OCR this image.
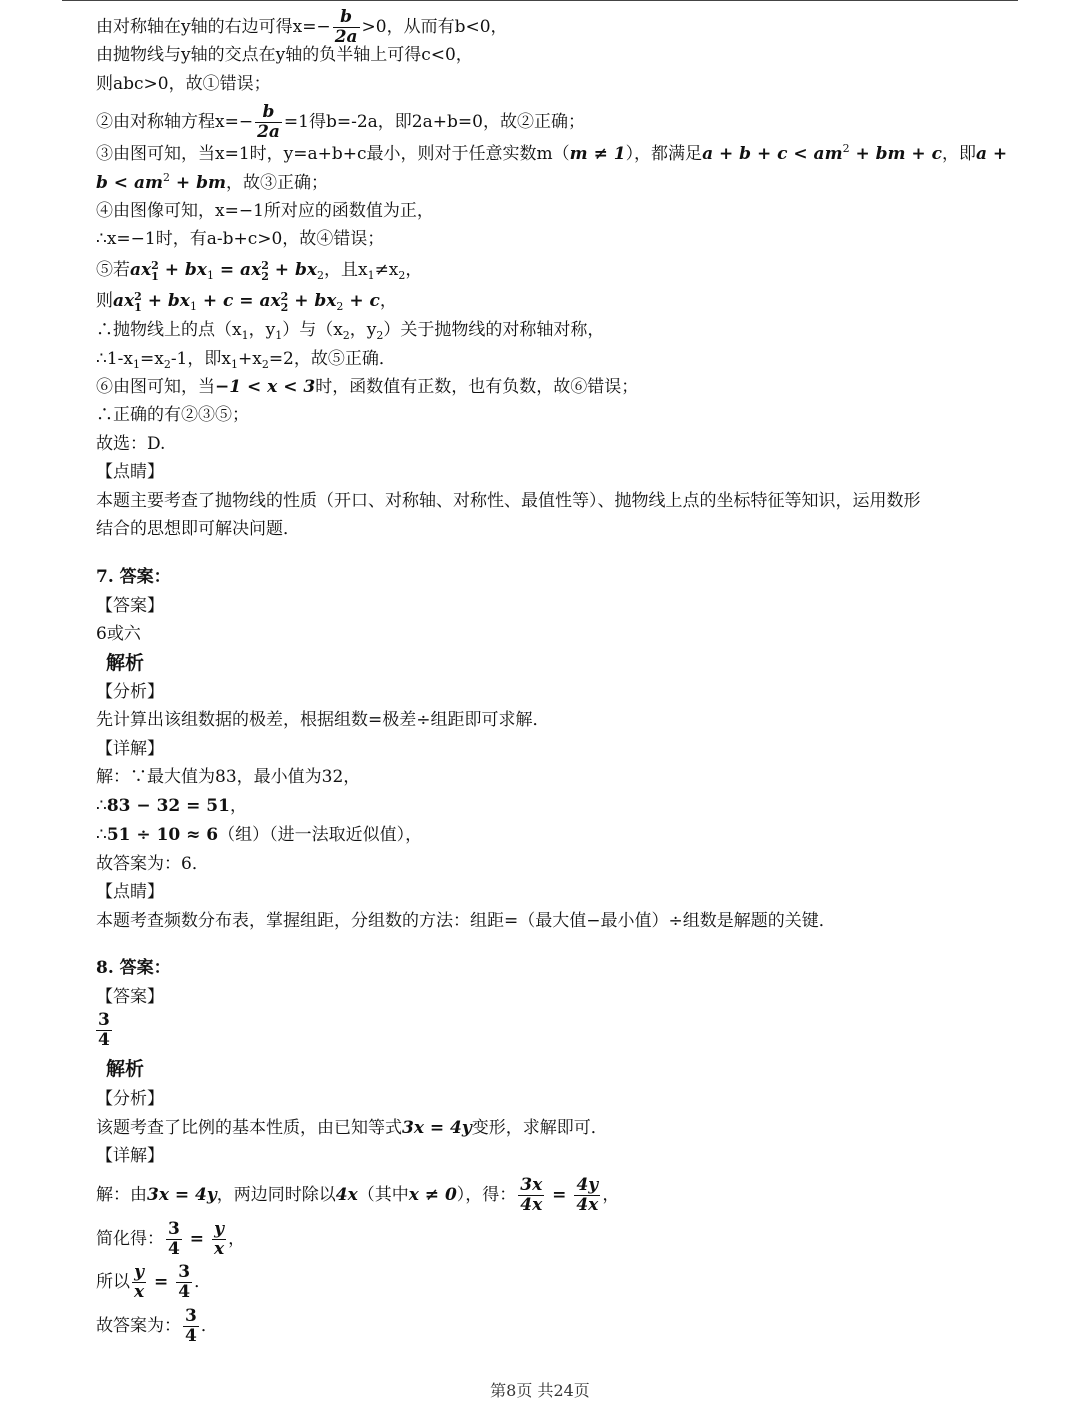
由对称轴在y轴的右边可得$x=- \frac{b}{2a} >0$，从而有b<0，
由抛物线与y轴的交点在y轴的负半轴上可得c<0，
则abc>0，故①错误；
②由对称轴方程$x=- \frac{b}{2a} =1$得b=-2a，即2a+b=0，故②正确；
③由图可知，当x=1时，y=a+b+c最小，则对于任意实数m（m ≠ 1），都满足$a + b + c < am^2$ + bm + c，即a +
$b < am^2$ + bm，故③正确；
④由图像可知，x=−1所对应的函数值为正，
∴x=−1时，有a-b+c>0，故④错误；
⑤若ax 2
$1 + bx_1$ = ax 2
$2 + bx_2$，且$x_1\ne x_2$，
则ax 2
$1 + bx_1 + c$ = ax 2
$2 + bx_2 + c$，
∴抛物线上的点（$x_1$，$y_1$）与（$x_2$，$y_2$）关于抛物线的对称轴对称，
$\therefore 1-x_1=x_2-1$，即$x_1+x_2=2$，故⑤正确．
⑥由图可知，当−1 < x < 3时，函数值有正数，也有负数，故⑥错误；
∴正确的有②③⑤；
故选：D.
【点睛】
本题主要考查了抛物线的性质（开口、对称轴、对称性、最值性等）、抛物线上点的坐标特征等知识，运用数形
结合的思想即可解决问题．
7. 答案：
【答案】
6或六
解析
【分析】
先计算出该组数据的极差，根据组数=极差÷组距即可求解．
【详解】
解：∵最大值为83，最小值为32，
∴83 − 32 = 51，
∴51 ÷ 10 ≈ 6（组）（进一法取近似值），
故答案为：6．
【点睛】
本题考查频数分布表，掌握组距，分组数的方法：组距=（最大值−最小值）÷组数是解题的关键．
8. 答案：
【答案】
$\frac{3}{4}$
解析
【分析】
该题考查了比例的基本性质，由已知等式3x = 4y变形，求解即可．
【详解】
解：由3x = 4y，两边同时除以4x（其中x ≠ 0），得： $\frac{3x}{4x} = \frac{4y}{4x}$ ，
简化得： $\frac{3}{4} = \frac{y}{x}$ ，
所以 $\frac{y}{x} = \frac{3}{4}$ ．
故答案为： $\frac{3}{4}$ ．
第8页 共24页
